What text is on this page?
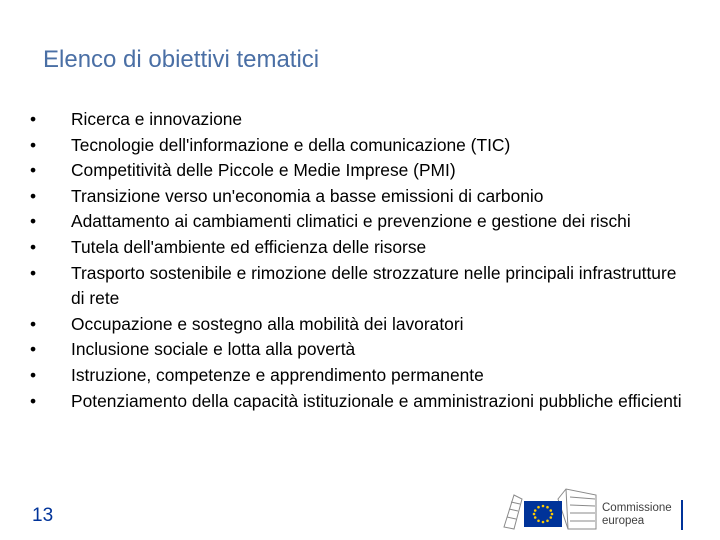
Elenco di obiettivi tematici
•	Ricerca e innovazione
•	Tecnologie dell'informazione e della comunicazione (TIC)
•	Competitività delle Piccole e Medie Imprese (PMI)
•	Transizione verso un'economia a basse emissioni di carbonio
•	Adattamento ai cambiamenti climatici e prevenzione e gestione dei rischi
•	Tutela dell'ambiente ed efficienza delle risorse
•	Trasporto sostenibile e rimozione delle strozzature nelle principali infrastrutture di rete
•	Occupazione e sostegno alla mobilità dei lavoratori
•	Inclusione sociale e lotta alla povertà
•	Istruzione, competenze e apprendimento permanente
•	Potenziamento della capacità istituzionale e amministrazioni pubbliche efficienti
13	Commissione
europea
